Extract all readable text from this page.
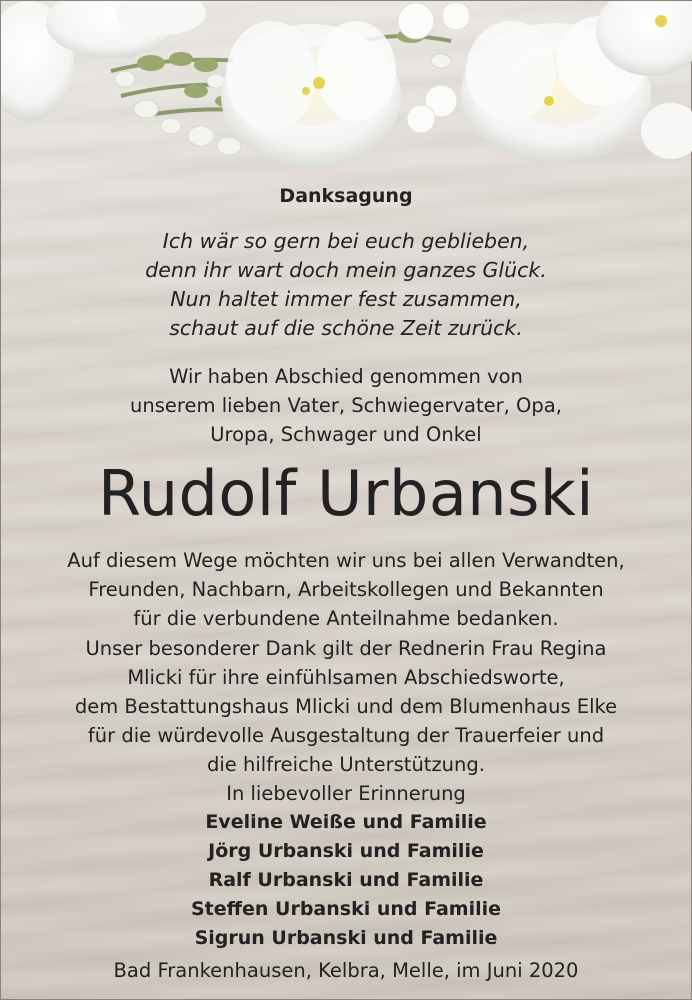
Danksagung
Ich wär so gern bei euch geblieben,
denn ihr wart doch mein ganzes Glück.
Nun haltet immer fest zusammen,
schaut auf die schöne Zeit zurück.
Wir haben Abschied genommen von
unserem lieben Vater, Schwiegervater, Opa,
Uropa, Schwager und Onkel
Rudolf Urbanski
Auf diesem Wege möchten wir uns bei allen Verwandten,
Freunden, Nachbarn, Arbeitskollegen und Bekannten
für die verbundene Anteilnahme bedanken.
Unser besonderer Dank gilt der Rednerin Frau Regina
Mlicki für ihre einfühlsamen Abschiedsworte,
dem Bestattungshaus Mlicki und dem Blumenhaus Elke
für die würdevolle Ausgestaltung der Trauerfeier und
die hilfreiche Unterstützung.
In liebevoller Erinnerung
Eveline Weiße und Familie
Jörg Urbanski und Familie
Ralf Urbanski und Familie
Steffen Urbanski und Familie
Sigrun Urbanski und Familie
Bad Frankenhausen, Kelbra, Melle, im Juni 2020
